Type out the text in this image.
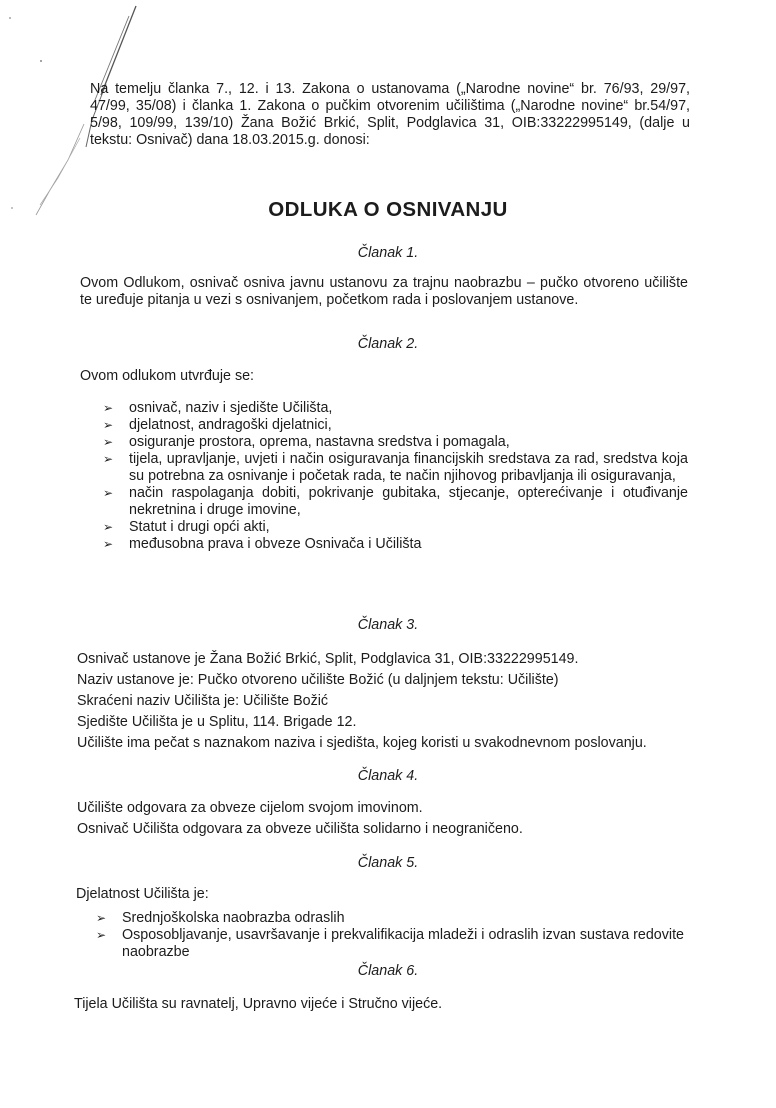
Na temelju članka 7., 12. i 13. Zakona o ustanovama („Narodne novine“ br. 76/93, 29/97, 47/99, 35/08) i članka 1. Zakona o pučkim otvorenim učilištima („Narodne novine“ br.54/97, 5/98, 109/99, 139/10) Žana Božić Brkić, Split, Podglavica 31, OIB:33222995149, (dalje u tekstu: Osnivač) dana 18.03.2015.g. donosi:
ODLUKA O OSNIVANJU
Članak 1.
Ovom Odlukom, osnivač osniva javnu ustanovu za trajnu naobrazbu – pučko otvoreno učilište te uređuje pitanja u vezi s osnivanjem, početkom rada i poslovanjem ustanove.
Članak 2.
Ovom odlukom utvrđuje se:
➢ osnivač, naziv i sjedište Učilišta,
➢ djelatnost, andragoški djelatnici,
➢ osiguranje prostora, oprema, nastavna sredstva i pomagala,
➢ tijela, upravljanje, uvjeti i način osiguravanja financijskih sredstava za rad, sredstva koja su potrebna za osnivanje i početak rada, te način njihovog pribavljanja ili osiguravanja,
➢ način raspolaganja dobiti, pokrivanje gubitaka, stjecanje, opterećivanje i otuđivanje nekretnina i druge imovine,
➢ Statut i drugi opći akti,
➢ međusobna prava i obveze Osnivača i Učilišta
Članak 3.
Osnivač ustanove je Žana Božić Brkić, Split, Podglavica 31, OIB:33222995149.
Naziv ustanove je: Pučko otvoreno učilište Božić (u daljnjem tekstu: Učilište)
Skraćeni naziv Učilišta je: Učilište Božić
Sjedište Učilišta je u Splitu, 114. Brigade 12.
Učilište ima pečat s naznakom naziva i sjedišta, kojeg koristi u svakodnevnom poslovanju.
Članak 4.
Učilište odgovara za obveze cijelom svojom imovinom.
Osnivač Učilišta odgovara za obveze učilišta solidarno i neograničeno.
Članak 5.
Djelatnost Učilišta je:
➢ Srednjoškolska naobrazba odraslih
➢ Osposobljavanje, usavršavanje i prekvalifikacija mladeži i odraslih izvan sustava redovite naobrazbe
Članak 6.
Tijela Učilišta su ravnatelj, Upravno vijeće i Stručno vijeće.
